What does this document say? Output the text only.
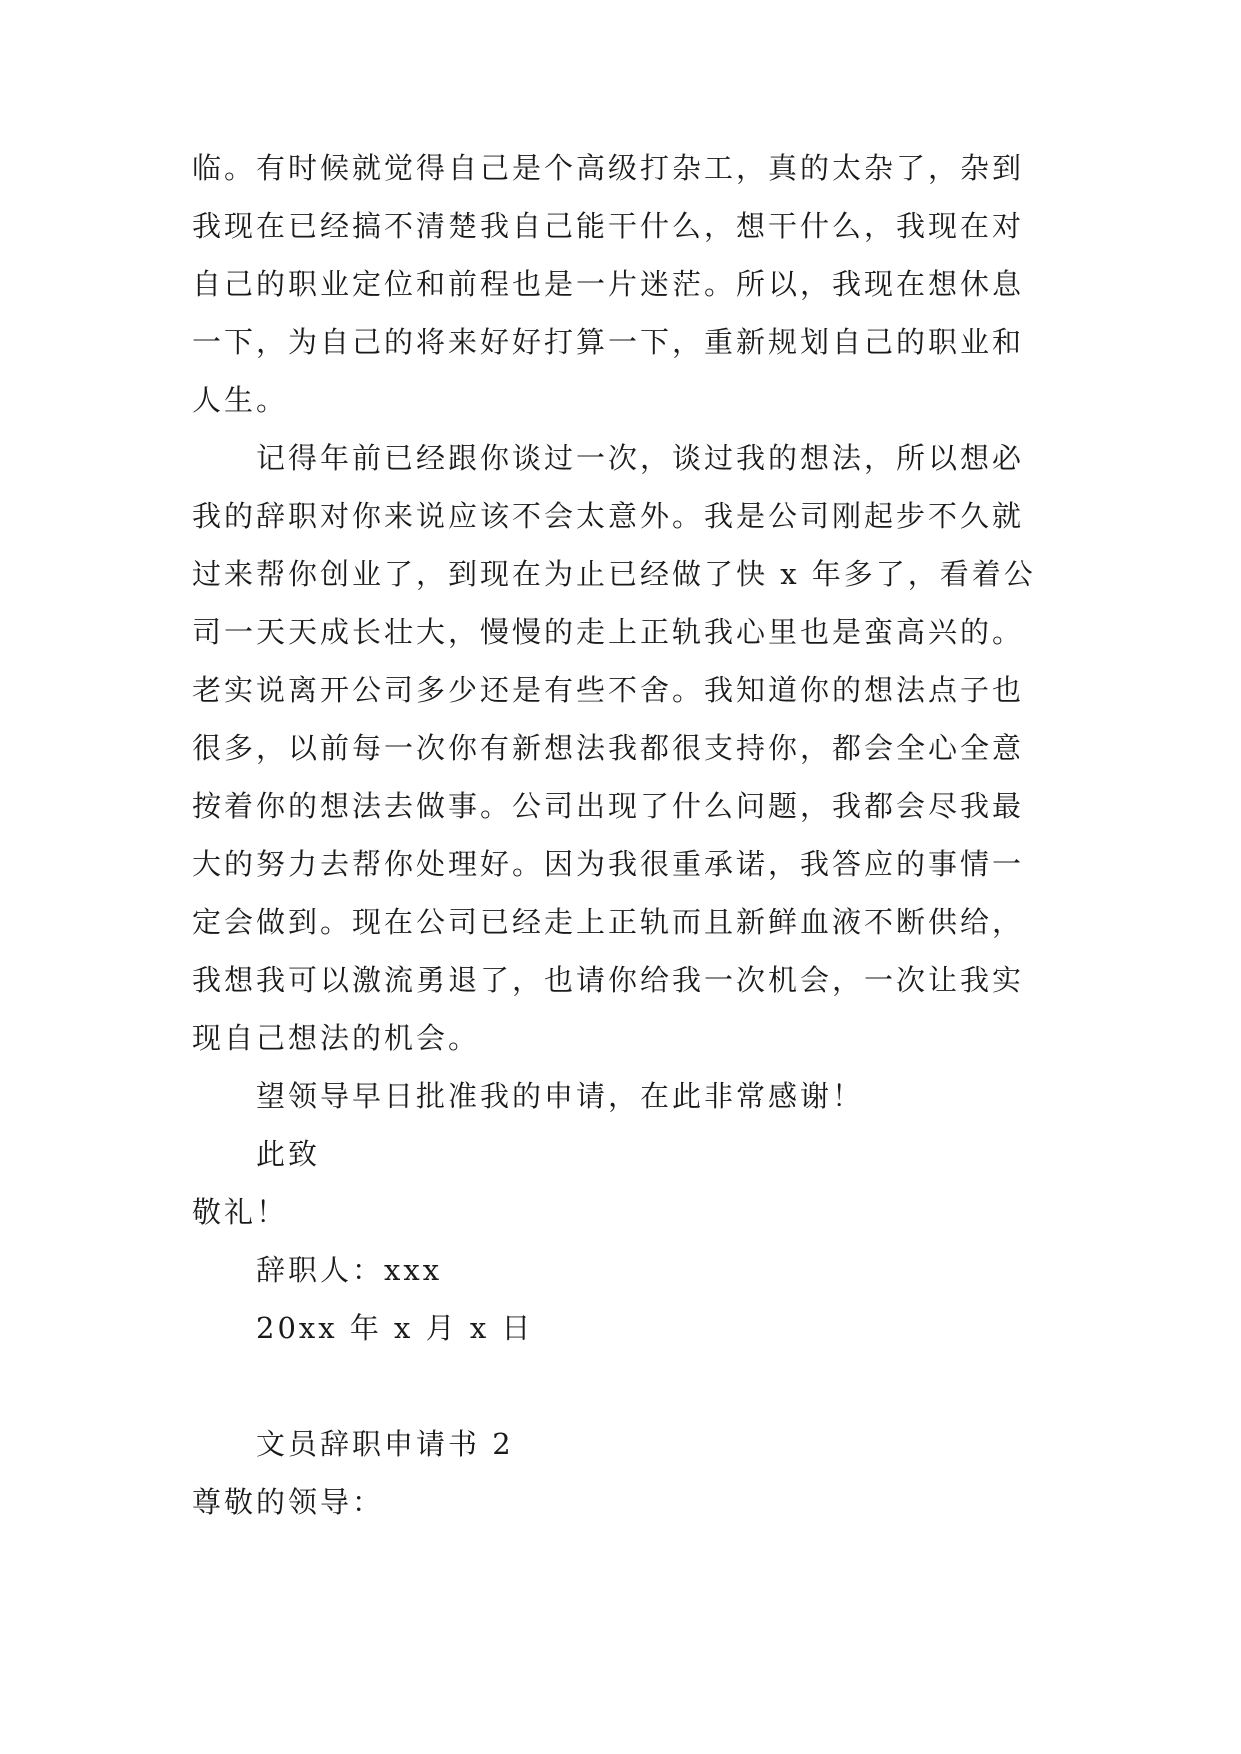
临。有时候就觉得自己是个高级打杂工，真的太杂了，杂到
我现在已经搞不清楚我自己能干什么，想干什么，我现在对
自己的职业定位和前程也是一片迷茫。所以，我现在想休息
一下，为自己的将来好好打算一下，重新规划自己的职业和
人生。
记得年前已经跟你谈过一次，谈过我的想法，所以想必
我的辞职对你来说应该不会太意外。我是公司刚起步不久就
过来帮你创业了，到现在为止已经做了快 x 年多了，看着公
司一天天成长壮大，慢慢的走上正轨我心里也是蛮高兴的。
老实说离开公司多少还是有些不舍。我知道你的想法点子也
很多，以前每一次你有新想法我都很支持你，都会全心全意
按着你的想法去做事。公司出现了什么问题，我都会尽我最
大的努力去帮你处理好。因为我很重承诺，我答应的事情一
定会做到。现在公司已经走上正轨而且新鲜血液不断供给，
我想我可以激流勇退了，也请你给我一次机会，一次让我实
现自己想法的机会。
望领导早日批准我的申请，在此非常感谢！
此致
敬礼！
辞职人：xxx
20xx 年 x 月 x 日
文员辞职申请书 2
尊敬的领导：
